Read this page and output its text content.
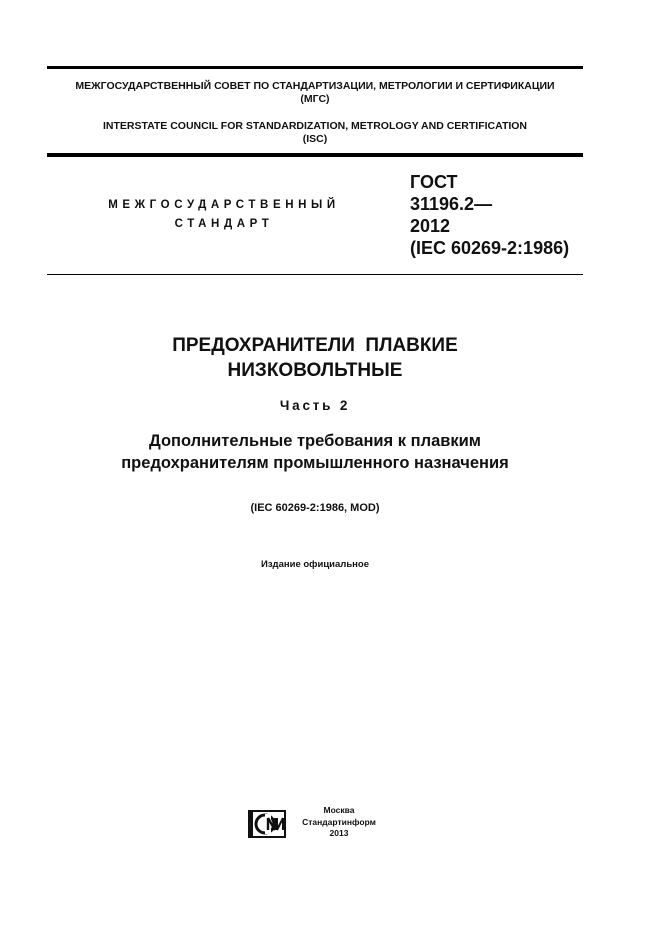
МЕЖГОСУДАРСТВЕННЫЙ СОВЕТ ПО СТАНДАРТИЗАЦИИ, МЕТРОЛОГИИ И СЕРТИФИКАЦИИ
(МГС)
INTERSTATE COUNCIL FOR STANDARDIZATION, METROLOGY AND CERTIFICATION
(ISC)
МЕЖГОСУДАРСТВЕННЫЙ
СТАНДАРТ
ГОСТ
31196.2—
2012
(IEC 60269-2:1986)
ПРЕДОХРАНИТЕЛИ  ПЛАВКИЕ
НИЗКОВОЛЬТНЫЕ
Часть 2
Дополнительные требования к плавким
предохранителям промышленного назначения
(IEC 60269-2:1986, MOD)
Издание официальное
Москва
Стандартинформ
2013
